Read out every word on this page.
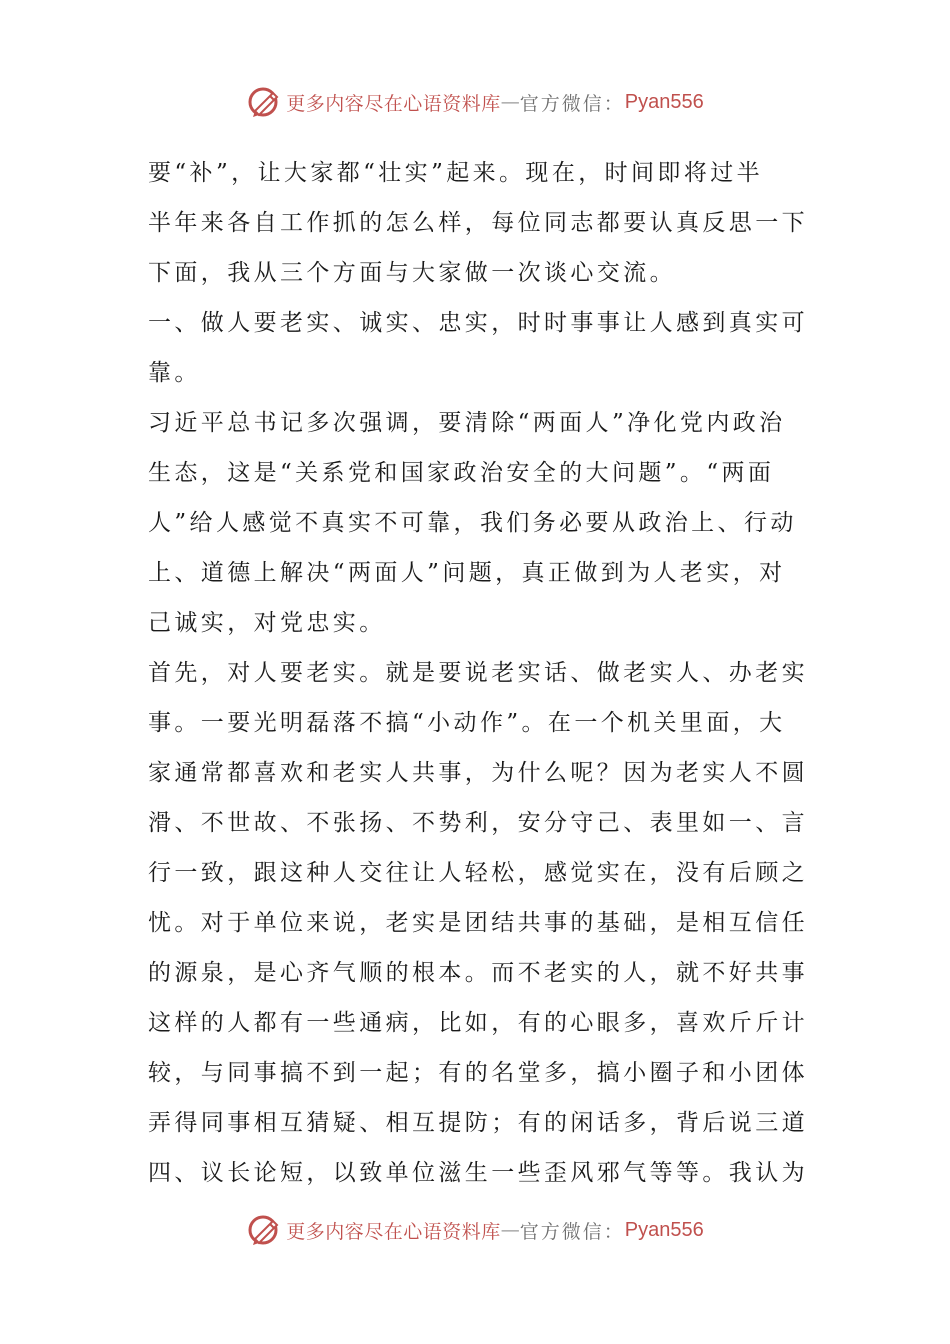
更多内容尽在心语资料库 — 官方微信： Pyan556
要“补”，让大家都“壮实”起来。现在，时间即将过半
半年来各自工作抓的怎么样，每位同志都要认真反思一下
下面，我从三个方面与大家做一次谈心交流。
一、做人要老实、诚实、忠实，时时事事让人感到真实可
靠。
习近平总书记多次强调，要清除“两面人”净化党内政治
生态，这是“关系党和国家政治安全的大问题”。“两面
人”给人感觉不真实不可靠，我们务必要从政治上、行动
上、道德上解决“两面人”问题，真正做到为人老实，对
己诚实，对党忠实。
首先，对人要老实。就是要说老实话、做老实人、办老实
事。一要光明磊落不搞“小动作”。在一个机关里面，大
家通常都喜欢和老实人共事，为什么呢？因为老实人不圆
滑、不世故、不张扬、不势利，安分守己、表里如一、言
行一致，跟这种人交往让人轻松，感觉实在，没有后顾之
忧。对于单位来说，老实是团结共事的基础，是相互信任
的源泉，是心齐气顺的根本。而不老实的人，就不好共事
这样的人都有一些通病，比如，有的心眼多，喜欢斤斤计
较，与同事搞不到一起；有的名堂多，搞小圈子和小团体
弄得同事相互猜疑、相互提防；有的闲话多，背后说三道
四、议长论短，以致单位滋生一些歪风邪气等等。我认为
更多内容尽在心语资料库 — 官方微信： Pyan556
